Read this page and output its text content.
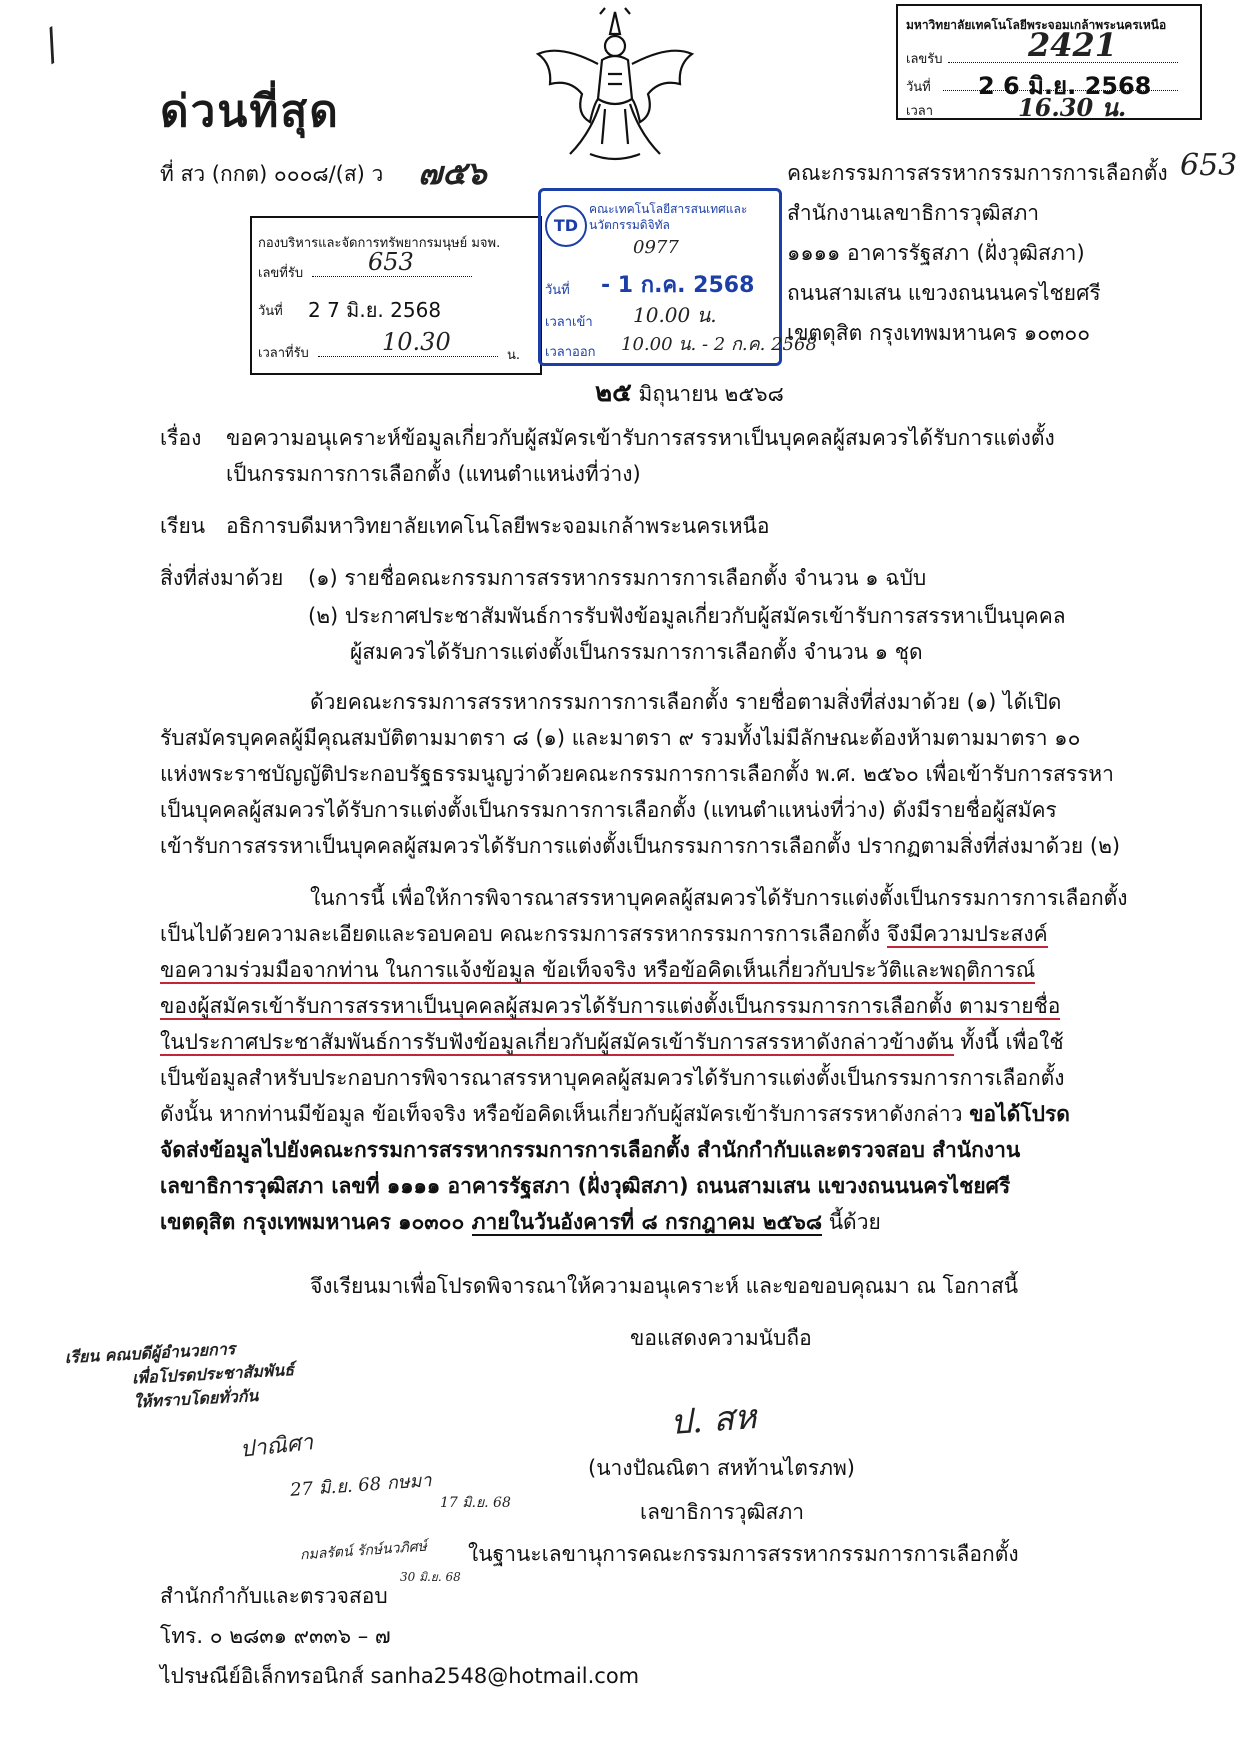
/
ด่วนที่สุด
มหาวิทยาลัยเทคโนโลยีพระจอมเกล้าพระนครเหนือ
เลขรับ	2421
วันที่ 2 6 มิ.ย. 2568
เวลา	16.30 น.
ที่ สว (กกต) ๐๐๐๘/(ส) ว ๗๕๖	คณะกรรมการสรรหากรรมการการเลือกตั้ง
สำนักงานเลขาธิการวุฒิสภา
๑๑๑๑ อาคารรัฐสภา (ฝั่งวุฒิสภา)
ถนนสามเสน แขวงถนนนครไชยศรี
เขตดุสิต กรุงเทพมหานคร ๑๐๓๐๐
653
กองบริหารและจัดการทรัพยากรมนุษย์ มจพ.
เลขที่รับ	653
วันที่ 2 7 มิ.ย. 2568
เวลาที่รับ	10.30	น.
TD
คณะเทคโนโลยีสารสนเทศและนวัตกรรมดิจิทัล
0977
วันที่ - 1 ก.ค. 2568
เวลาเข้า 10.00 น.
เวลาออก 10.00 น. - 2 ก.ค. 2568
๒๕ มิถุนายน ๒๕๖๘
เรื่อง ขอความอนุเคราะห์ข้อมูลเกี่ยวกับผู้สมัครเข้ารับการสรรหาเป็นบุคคลผู้สมควรได้รับการแต่งตั้ง
เป็นกรรมการการเลือกตั้ง (แทนตำแหน่งที่ว่าง)
เรียน อธิการบดีมหาวิทยาลัยเทคโนโลยีพระจอมเกล้าพระนครเหนือ
สิ่งที่ส่งมาด้วย (๑) รายชื่อคณะกรรมการสรรหากรรมการการเลือกตั้ง จำนวน ๑ ฉบับ
(๒) ประกาศประชาสัมพันธ์การรับฟังข้อมูลเกี่ยวกับผู้สมัครเข้ารับการสรรหาเป็นบุคคล
ผู้สมควรได้รับการแต่งตั้งเป็นกรรมการการเลือกตั้ง จำนวน ๑ ชุด
ด้วยคณะกรรมการสรรหากรรมการการเลือกตั้ง รายชื่อตามสิ่งที่ส่งมาด้วย (๑) ได้เปิด
รับสมัครบุคคลผู้มีคุณสมบัติตามมาตรา ๘ (๑) และมาตรา ๙ รวมทั้งไม่มีลักษณะต้องห้ามตามมาตรา ๑๐
แห่งพระราชบัญญัติประกอบรัฐธรรมนูญว่าด้วยคณะกรรมการการเลือกตั้ง พ.ศ. ๒๕๖๐ เพื่อเข้ารับการสรรหา
เป็นบุคคลผู้สมควรได้รับการแต่งตั้งเป็นกรรมการการเลือกตั้ง (แทนตำแหน่งที่ว่าง) ดังมีรายชื่อผู้สมัคร
เข้ารับการสรรหาเป็นบุคคลผู้สมควรได้รับการแต่งตั้งเป็นกรรมการการเลือกตั้ง ปรากฏตามสิ่งที่ส่งมาด้วย (๒)
ในการนี้ เพื่อให้การพิจารณาสรรหาบุคคลผู้สมควรได้รับการแต่งตั้งเป็นกรรมการการเลือกตั้ง
เป็นไปด้วยความละเอียดและรอบคอบ คณะกรรมการสรรหากรรมการการเลือกตั้ง จึงมีความประสงค์
ขอความร่วมมือจากท่าน ในการแจ้งข้อมูล ข้อเท็จจริง หรือข้อคิดเห็นเกี่ยวกับประวัติและพฤติการณ์
ของผู้สมัครเข้ารับการสรรหาเป็นบุคคลผู้สมควรได้รับการแต่งตั้งเป็นกรรมการการเลือกตั้ง ตามรายชื่อ
ในประกาศประชาสัมพันธ์การรับฟังข้อมูลเกี่ยวกับผู้สมัครเข้ารับการสรรหาดังกล่าวข้างต้น ทั้งนี้ เพื่อใช้
เป็นข้อมูลสำหรับประกอบการพิจารณาสรรหาบุคคลผู้สมควรได้รับการแต่งตั้งเป็นกรรมการการเลือกตั้ง
ดังนั้น หากท่านมีข้อมูล ข้อเท็จจริง หรือข้อคิดเห็นเกี่ยวกับผู้สมัครเข้ารับการสรรหาดังกล่าว ขอได้โปรด
จัดส่งข้อมูลไปยังคณะกรรมการสรรหากรรมการการเลือกตั้ง สำนักกำกับและตรวจสอบ สำนักงาน
เลขาธิการวุฒิสภา เลขที่ ๑๑๑๑ อาคารรัฐสภา (ฝั่งวุฒิสภา) ถนนสามเสน แขวงถนนนครไชยศรี
เขตดุสิต กรุงเทพมหานคร ๑๐๓๐๐ ภายในวันอังคารที่ ๘ กรกฎาคม ๒๕๖๘ นี้ด้วย
จึงเรียนมาเพื่อโปรดพิจารณาให้ความอนุเคราะห์ และขอขอบคุณมา ณ โอกาสนี้
ขอแสดงความนับถือ
ป. สห
(นางปัณณิตา สหท้านไตรภพ)
เลขาธิการวุฒิสภา
ในฐานะเลขานุการคณะกรรมการสรรหากรรมการการเลือกตั้ง
เรียน คณบดีผู้อำนวยการ
เพื่อโปรดประชาสัมพันธ์
ให้ทราบโดยทั่วกัน
ปาณิศา
27 มิ.ย. 68 กษมา
17 มิ.ย. 68
กมลรัตน์ รักษ์นวภิศษ์
30 มิ.ย. 68
สำนักกำกับและตรวจสอบ
โทร. ๐ ๒๘๓๑ ๙๓๓๖ – ๗
ไปรษณีย์อิเล็กทรอนิกส์ sanha2548@hotmail.com
